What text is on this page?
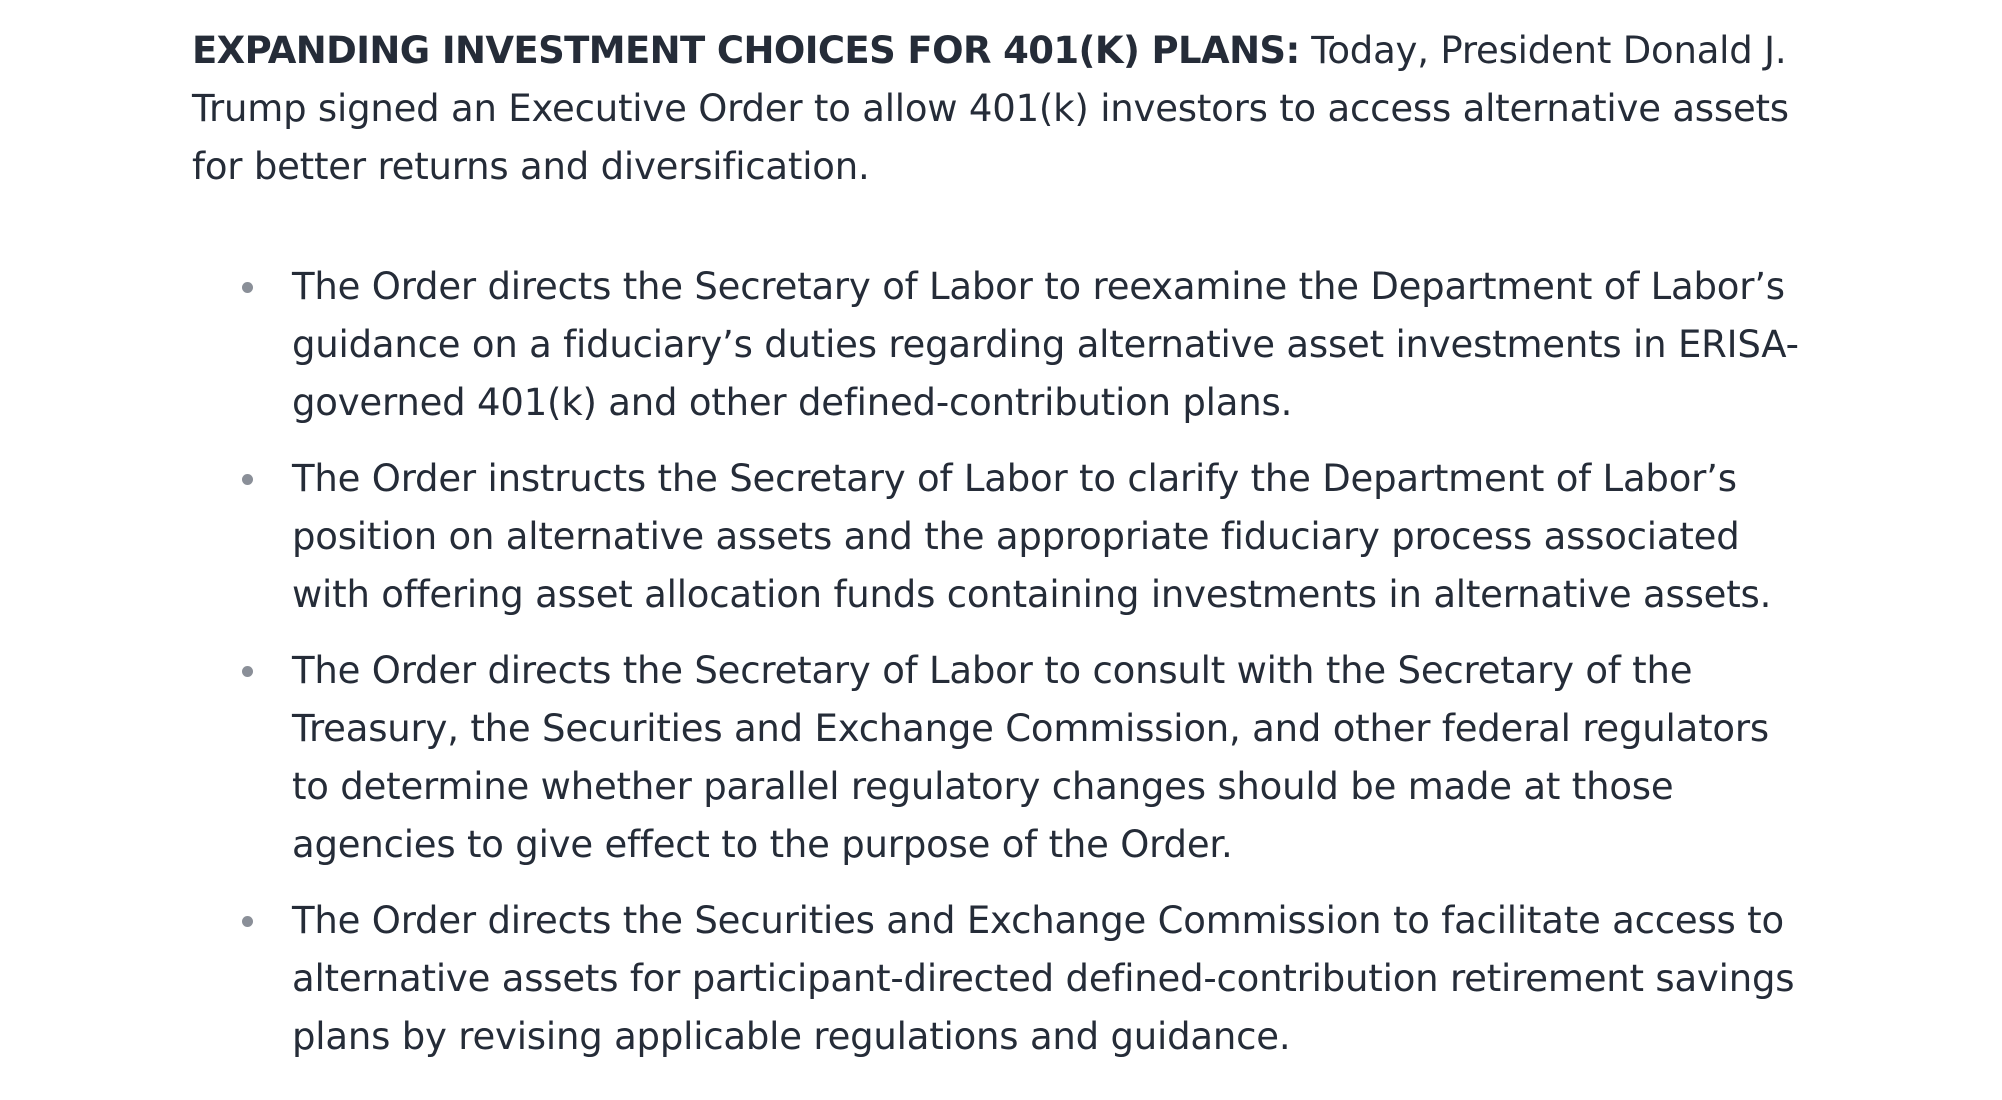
EXPANDING INVESTMENT CHOICES FOR 401(K) PLANS: Today, President Donald J. Trump signed an Executive Order to allow 401(k) investors to access alternative assets for better returns and diversification.

The Order directs the Secretary of Labor to reexamine the Department of Labor’s guidance on a fiduciary’s duties regarding alternative asset investments in ERISA-governed 401(k) and other defined-contribution plans.
The Order instructs the Secretary of Labor to clarify the Department of Labor’s position on alternative assets and the appropriate fiduciary process associated with offering asset allocation funds containing investments in alternative assets.
The Order directs the Secretary of Labor to consult with the Secretary of the Treasury, the Securities and Exchange Commission, and other federal regulators to determine whether parallel regulatory changes should be made at those agencies to give effect to the purpose of the Order.
The Order directs the Securities and Exchange Commission to facilitate access to alternative assets for participant-directed defined-contribution retirement savings plans by revising applicable regulations and guidance.
